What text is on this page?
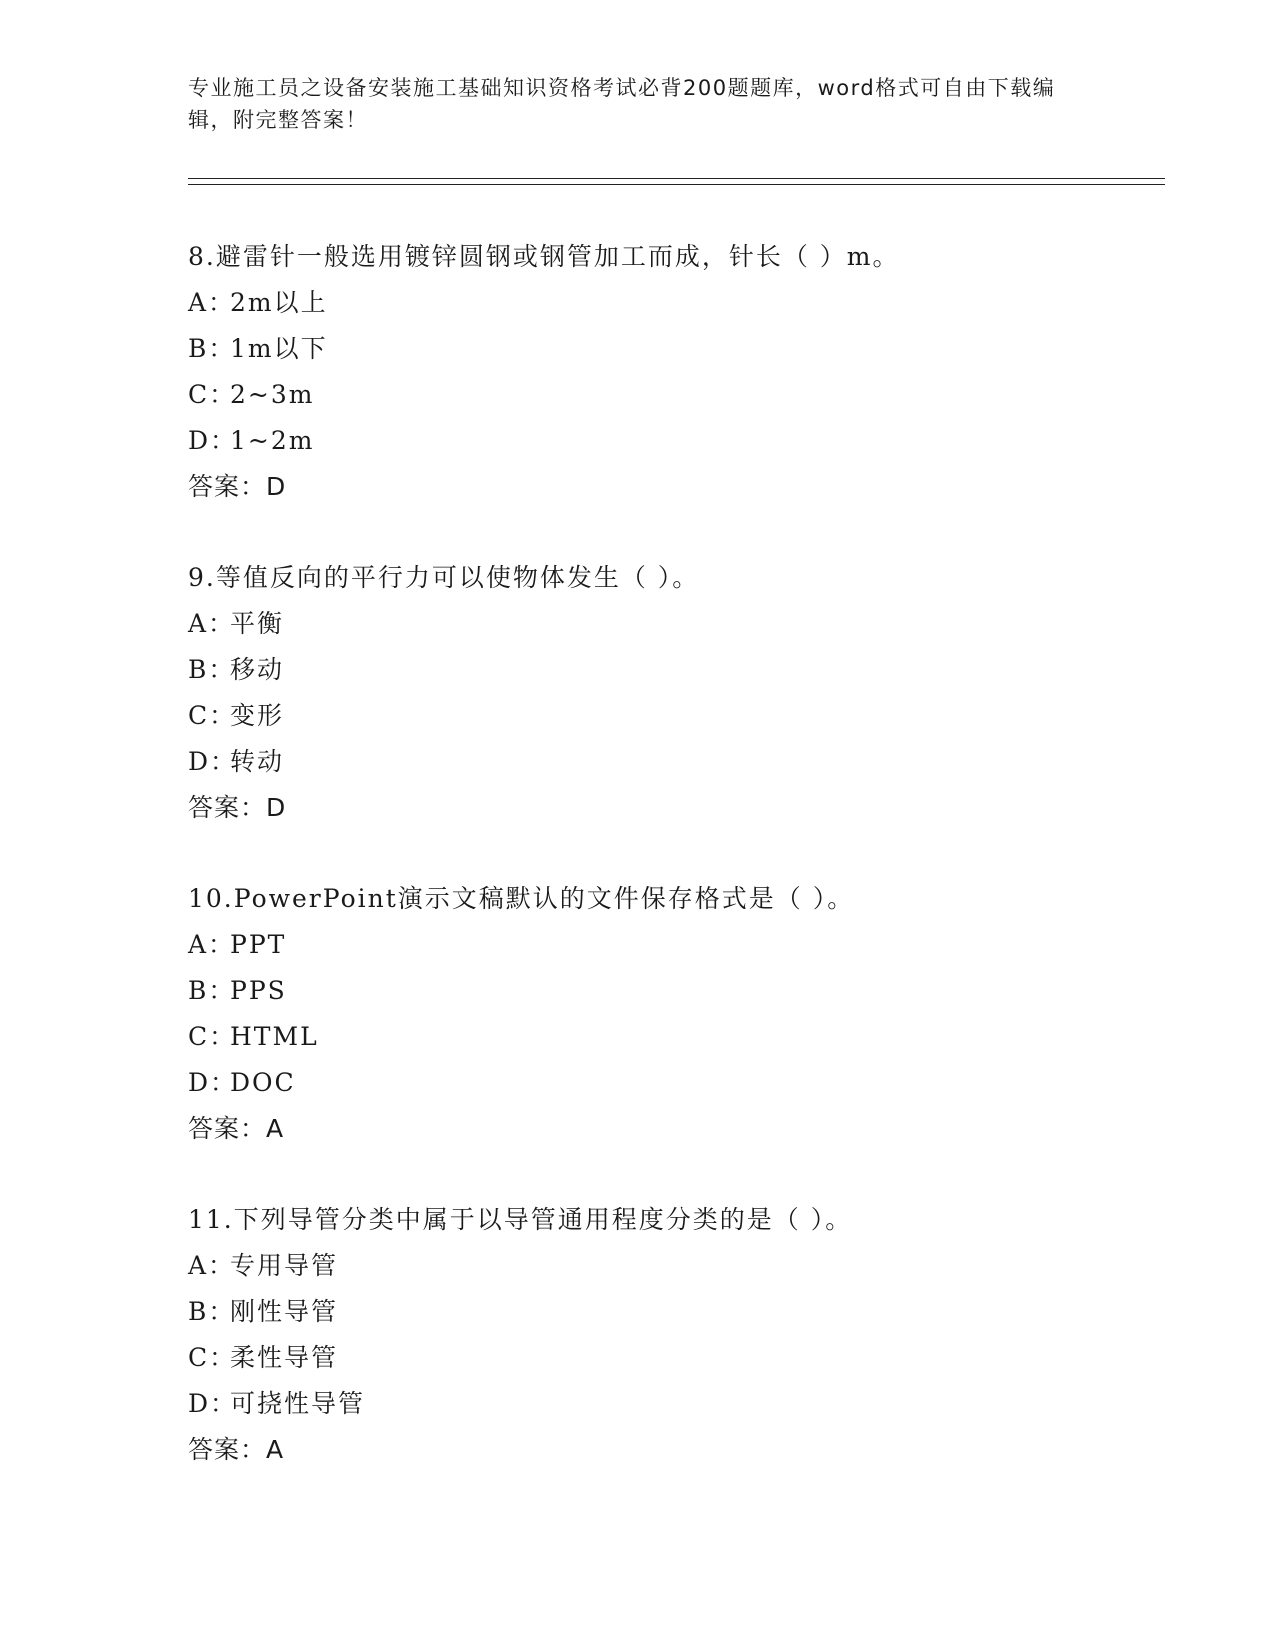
专业施工员之设备安装施工基础知识资格考试必背200题题库，word格式可自由下载编辑，附完整答案！
8.避雷针一般选用镀锌圆钢或钢管加工而成，针长（ ）m。
A：2m以上
B：1m以下
C：2~3m
D：1~2m
答案：D
9.等值反向的平行力可以使物体发生（ ）。
A：平衡
B：移动
C：变形
D：转动
答案：D
10.PowerPoint演示文稿默认的文件保存格式是（ ）。
A：PPT
B：PPS
C：HTML
D：DOC
答案：A
11.下列导管分类中属于以导管通用程度分类的是（ ）。
A：专用导管
B：刚性导管
C：柔性导管
D：可挠性导管
答案：A
